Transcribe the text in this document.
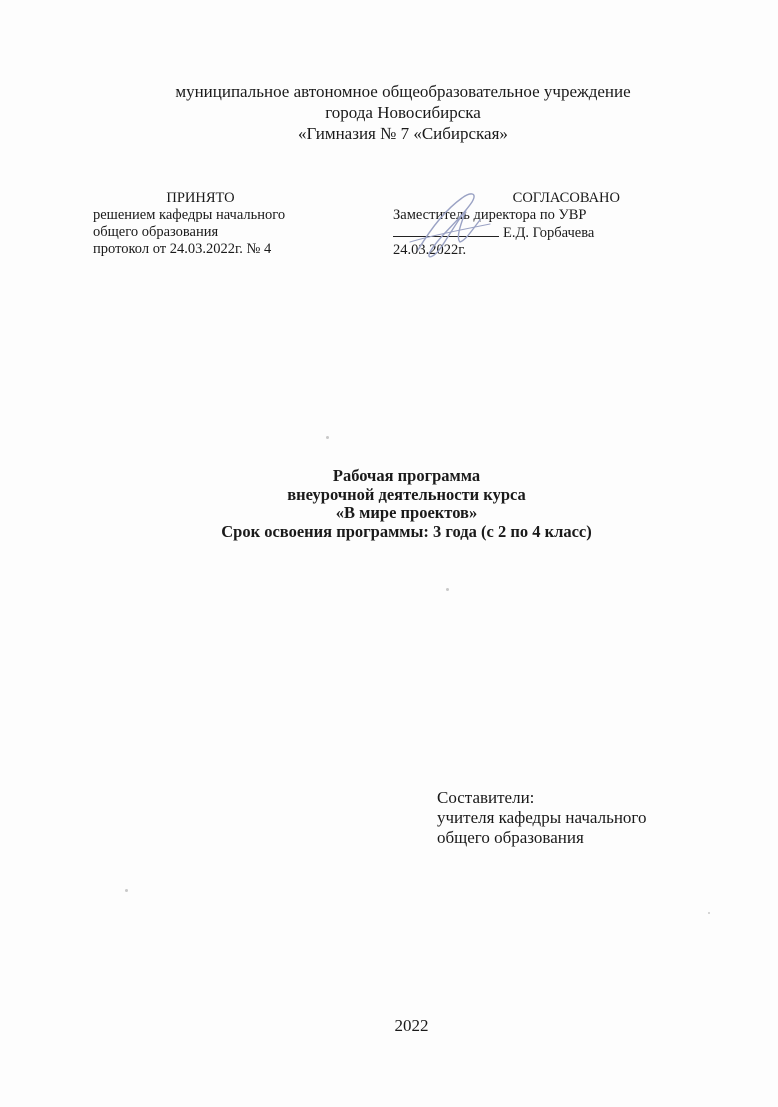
муниципальное автономное общеобразовательное учреждение
города Новосибирска
«Гимназия № 7 «Сибирская»
ПРИНЯТО
решением кафедры начального
общего образования
протокол от 24.03.2022г. № 4
СОГЛАСОВАНО
Заместитель директора по УВР
Е.Д. Горбачева
24.03.2022г.
Рабочая программа
внеурочной деятельности курса
«В мире проектов»
Срок освоения программы: 3 года (с 2 по 4 класс)
Составители:
учителя кафедры начального
общего образования
2022
